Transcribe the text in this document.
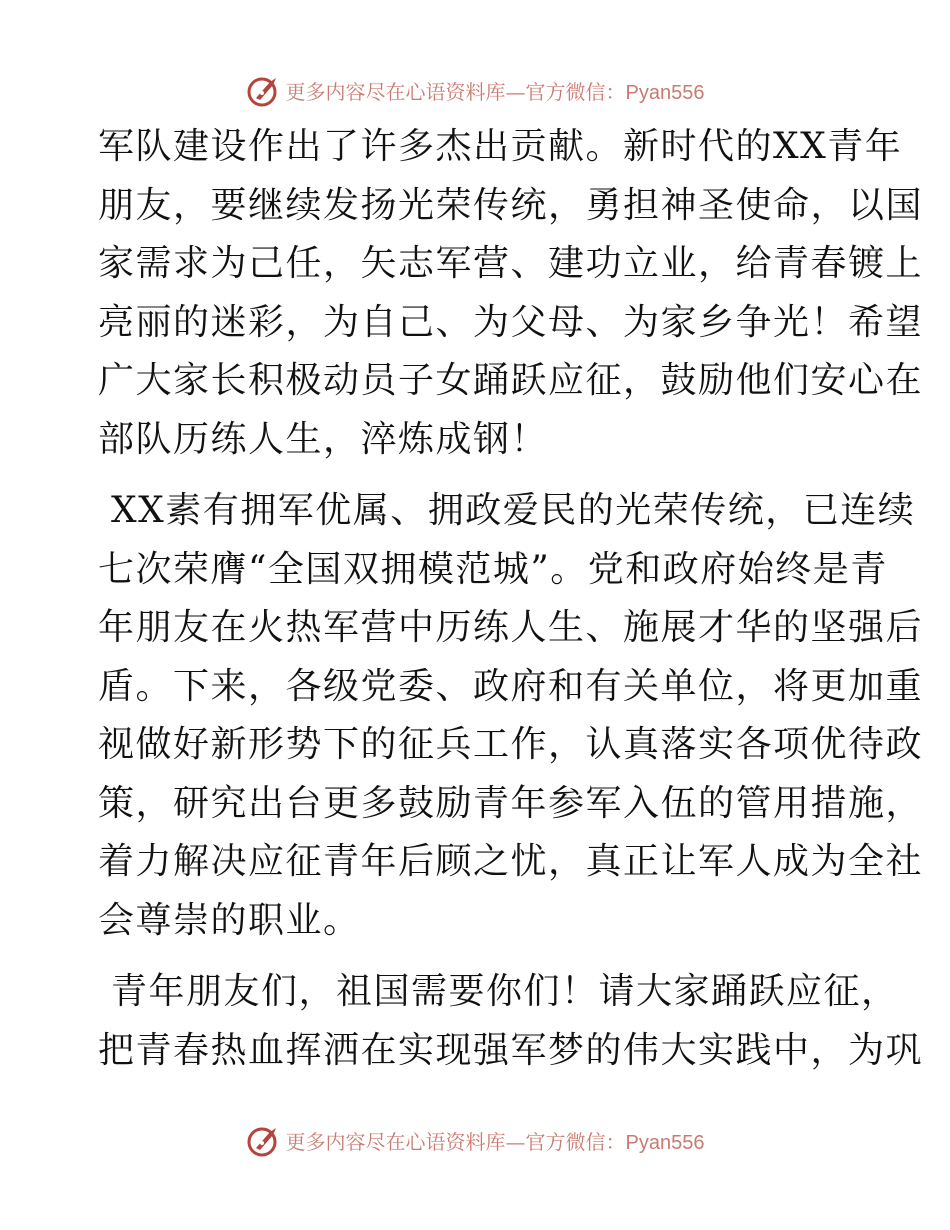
更多内容尽在心语资料库—官方微信：Pyan556
军队建设作出了许多杰出贡献。新时代的XX青年
朋友，要继续发扬光荣传统，勇担神圣使命，以国
家需求为己任，矢志军营、建功立业，给青春镀上
亮丽的迷彩，为自己、为父母、为家乡争光！希望
广大家长积极动员子女踊跃应征，鼓励他们安心在
部队历练人生，淬炼成钢！
XX素有拥军优属、拥政爱民的光荣传统，已连续
七次荣膺“全国双拥模范城”。党和政府始终是青
年朋友在火热军营中历练人生、施展才华的坚强后
盾。下来，各级党委、政府和有关单位，将更加重
视做好新形势下的征兵工作，认真落实各项优待政
策，研究出台更多鼓励青年参军入伍的管用措施，
着力解决应征青年后顾之忧，真正让军人成为全社
会尊崇的职业。
青年朋友们，祖国需要你们！请大家踊跃应征，
把青春热血挥洒在实现强军梦的伟大实践中，为巩
更多内容尽在心语资料库—官方微信：Pyan556
